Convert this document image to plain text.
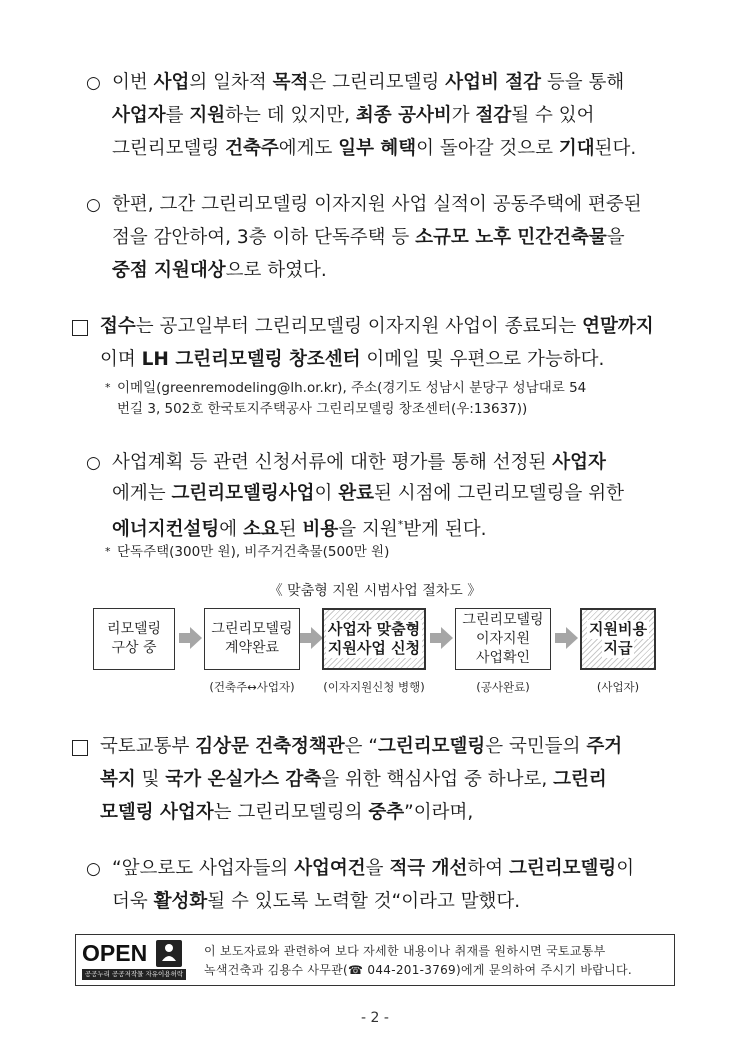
○ 이번 사업의 일차적 목적은 그린리모델링 사업비 절감 등을 통해
사업자를 지원하는 데 있지만, 최종 공사비가 절감될 수 있어
그린리모델링 건축주에게도 일부 혜택이 돌아갈 것으로 기대된다.
○ 한편, 그간 그린리모델링 이자지원 사업 실적이 공동주택에 편중된
점을 감안하여, 3층 이하 단독주택 등 소규모 노후 민간건축물을
중점 지원대상으로 하였다.
접수는 공고일부터 그린리모델링 이자지원 사업이 종료되는 연말까지
이며 LH 그린리모델링 창조센터 이메일 및 우편으로 가능하다.
* 이메일(greenremodeling@lh.or.kr), 주소(경기도 성남시 분당구 성남대로 54
번길 3, 502호 한국토지주택공사 그린리모델링 창조센터(우:13637))
○ 사업계획 등 관련 신청서류에 대한 평가를 통해 선정된 사업자
에게는 그린리모델링사업이 완료된 시점에 그린리모델링을 위한
에너지컨설팅에 소요된 비용을 지원*받게 된다.
* 단독주택(300만 원), 비주거건축물(500만 원)
《 맞춤형 지원 시범사업 절차도 》
리모델링
구상 중
그린리모델링
계약완료
사업자 맞춤형
지원사업 신청
그린리모델링
이자지원
사업확인
지원비용
지급
(건축주↔사업자)	(이자지원신청 병행)	(공사완료)	(사업자)
국토교통부 김상문 건축정책관은 “그린리모델링은 국민들의 주거
복지 및 국가 온실가스 감축을 위한 핵심사업 중 하나로, 그린리
모델링 사업자는 그린리모델링의 중추”이라며,
○ “앞으로도 사업자들의 사업여건을 적극 개선하여 그린리모델링이
더욱 활성화될 수 있도록 노력할 것“이라고 말했다.
OPEN
공공누리 공공저작물 자유이용허락
이 보도자료와 관련하여 보다 자세한 내용이나 취재를 원하시면 국토교통부
녹색건축과 김용수 사무관(☎ 044-201-3769)에게 문의하여 주시기 바랍니다.
- 2 -
